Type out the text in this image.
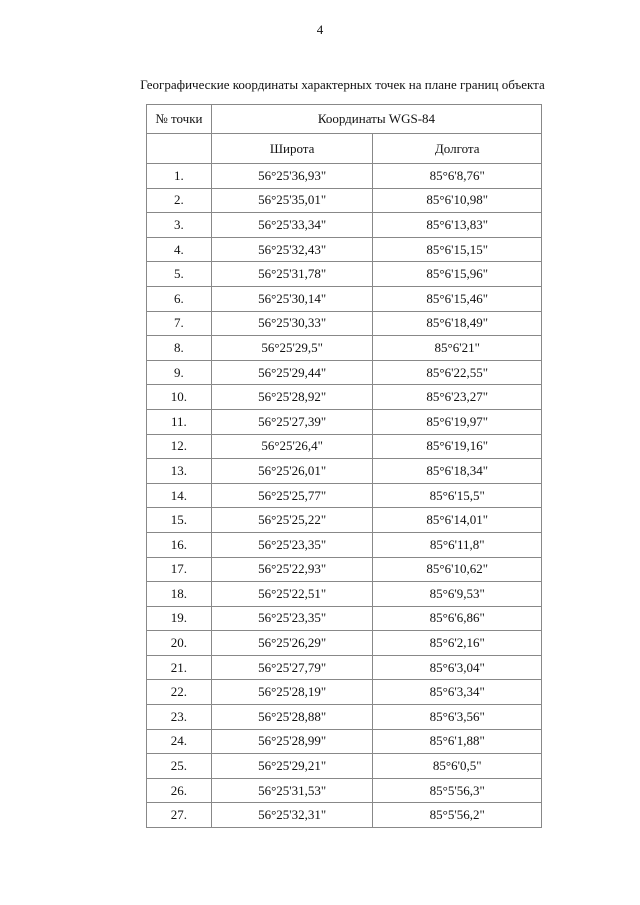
4
Географические координаты характерных точек на плане границ объекта
№ точки	Координаты WGS-84	
	Широта	Долгота
1.	56°25'36,93"	85°6'8,76"
2.	56°25'35,01"	85°6'10,98"
3.	56°25'33,34"	85°6'13,83"
4.	56°25'32,43"	85°6'15,15"
5.	56°25'31,78"	85°6'15,96"
6.	56°25'30,14"	85°6'15,46"
7.	56°25'30,33"	85°6'18,49"
8.	56°25'29,5"	85°6'21"
9.	56°25'29,44"	85°6'22,55"
10.	56°25'28,92"	85°6'23,27"
11.	56°25'27,39"	85°6'19,97"
12.	56°25'26,4"	85°6'19,16"
13.	56°25'26,01"	85°6'18,34"
14.	56°25'25,77"	85°6'15,5"
15.	56°25'25,22"	85°6'14,01"
16.	56°25'23,35"	85°6'11,8"
17.	56°25'22,93"	85°6'10,62"
18.	56°25'22,51"	85°6'9,53"
19.	56°25'23,35"	85°6'6,86"
20.	56°25'26,29"	85°6'2,16"
21.	56°25'27,79"	85°6'3,04"
22.	56°25'28,19"	85°6'3,34"
23.	56°25'28,88"	85°6'3,56"
24.	56°25'28,99"	85°6'1,88"
25.	56°25'29,21"	85°6'0,5"
26.	56°25'31,53"	85°5'56,3"
27.	56°25'32,31"	85°5'56,2"
